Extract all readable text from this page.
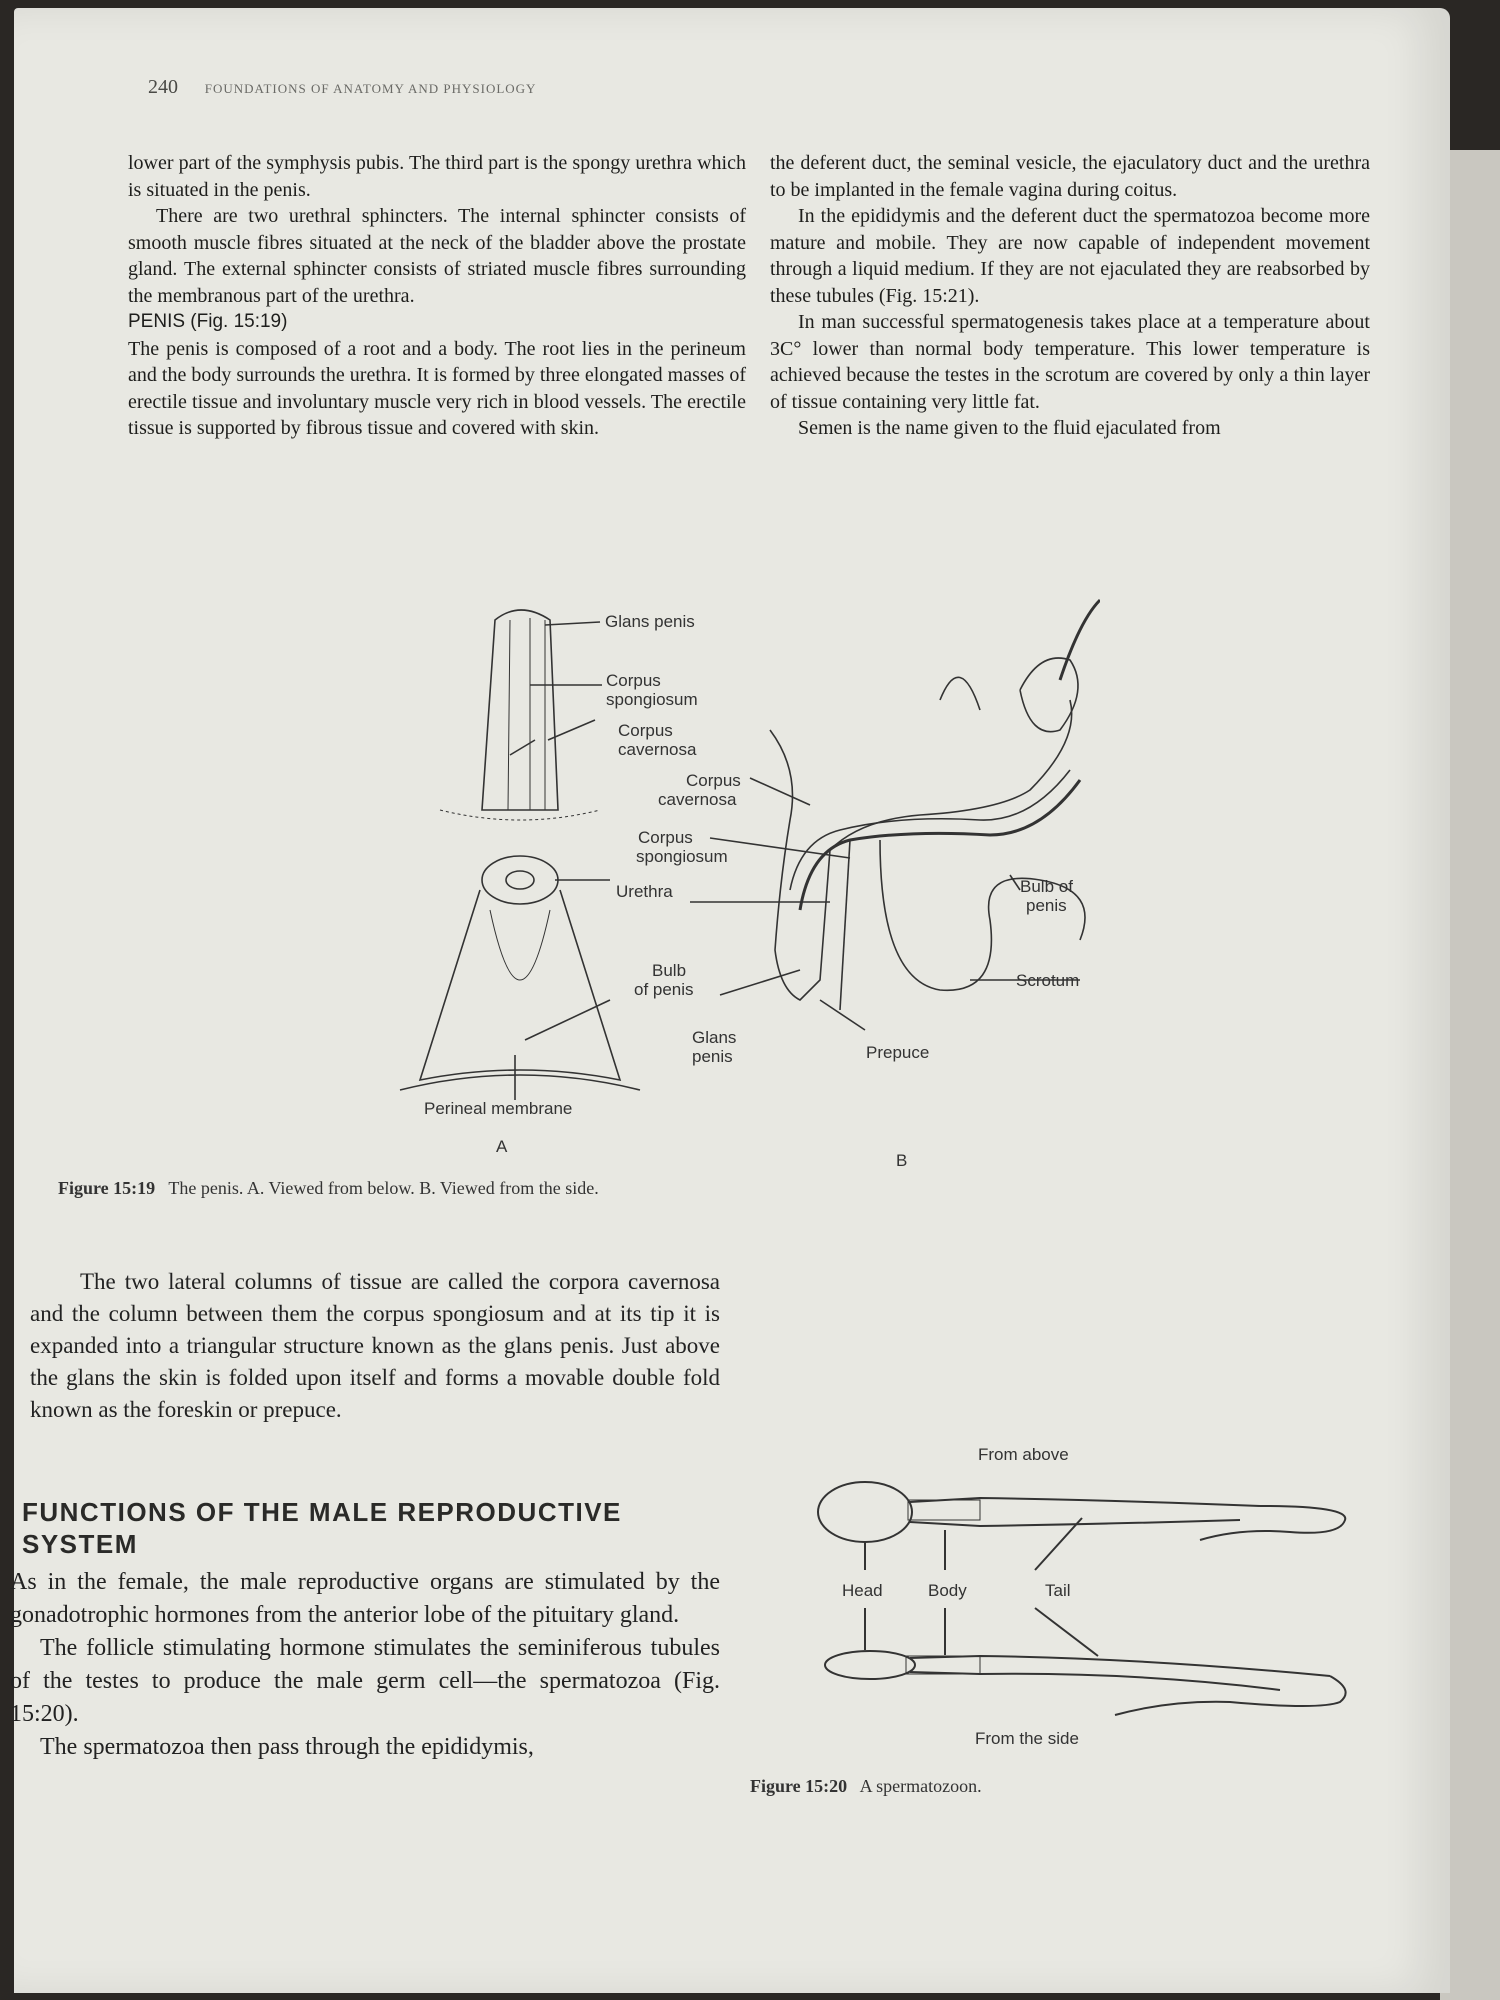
240 FOUNDATIONS OF ANATOMY AND PHYSIOLOGY

lower part of the symphysis pubis. The third part is the spongy urethra which is situated in the penis.

There are two urethral sphincters. The internal sphincter consists of smooth muscle fibres situated at the neck of the bladder above the prostate gland. The external sphincter consists of striated muscle fibres surrounding the membranous part of the urethra.

PENIS (Fig. 15:19)

The penis is composed of a root and a body. The root lies in the perineum and the body surrounds the urethra. It is formed by three elongated masses of erectile tissue and involuntary muscle very rich in blood vessels. The erectile tissue is supported by fibrous tissue and covered with skin.

the deferent duct, the seminal vesicle, the ejaculatory duct and the urethra to be implanted in the female vagina during coitus.

In the epididymis and the deferent duct the spermatozoa become more mature and mobile. They are now capable of independent movement through a liquid medium. If they are not ejaculated they are reabsorbed by these tubules (Fig. 15:21).

In man successful spermatogenesis takes place at a temperature about 3C° lower than normal body temperature. This lower temperature is achieved because the testes in the scrotum are covered by only a thin layer of tissue containing very little fat.

Semen is the name given to the fluid ejaculated from

Glans penis
Corpus
spongiosum
Corpus
cavernosa
Corpus
cavernosa
Corpus
spongiosum
Urethra
Bulb
of penis
Glans
penis
Perineal membrane
Bulb of
penis
Scrotum
Prepuce
A
B
Figure 15:19 The penis. A. Viewed from below. B. Viewed from the side.

The two lateral columns of tissue are called the corpora cavernosa and the column between them the corpus spongiosum and at its tip it is expanded into a triangular structure known as the glans penis. Just above the glans the skin is folded upon itself and forms a movable double fold known as the foreskin or prepuce.

FUNCTIONS OF THE MALE REPRODUCTIVE SYSTEM

As in the female, the male reproductive organs are stimulated by the gonadotrophic hormones from the anterior lobe of the pituitary gland.

The follicle stimulating hormone stimulates the seminiferous tubules of the testes to produce the male germ cell—the spermatozoa (Fig. 15:20).

The spermatozoa then pass through the epididymis,

From above
Head	Body	Tail
From the side
Figure 15:20 A spermatozoon.
